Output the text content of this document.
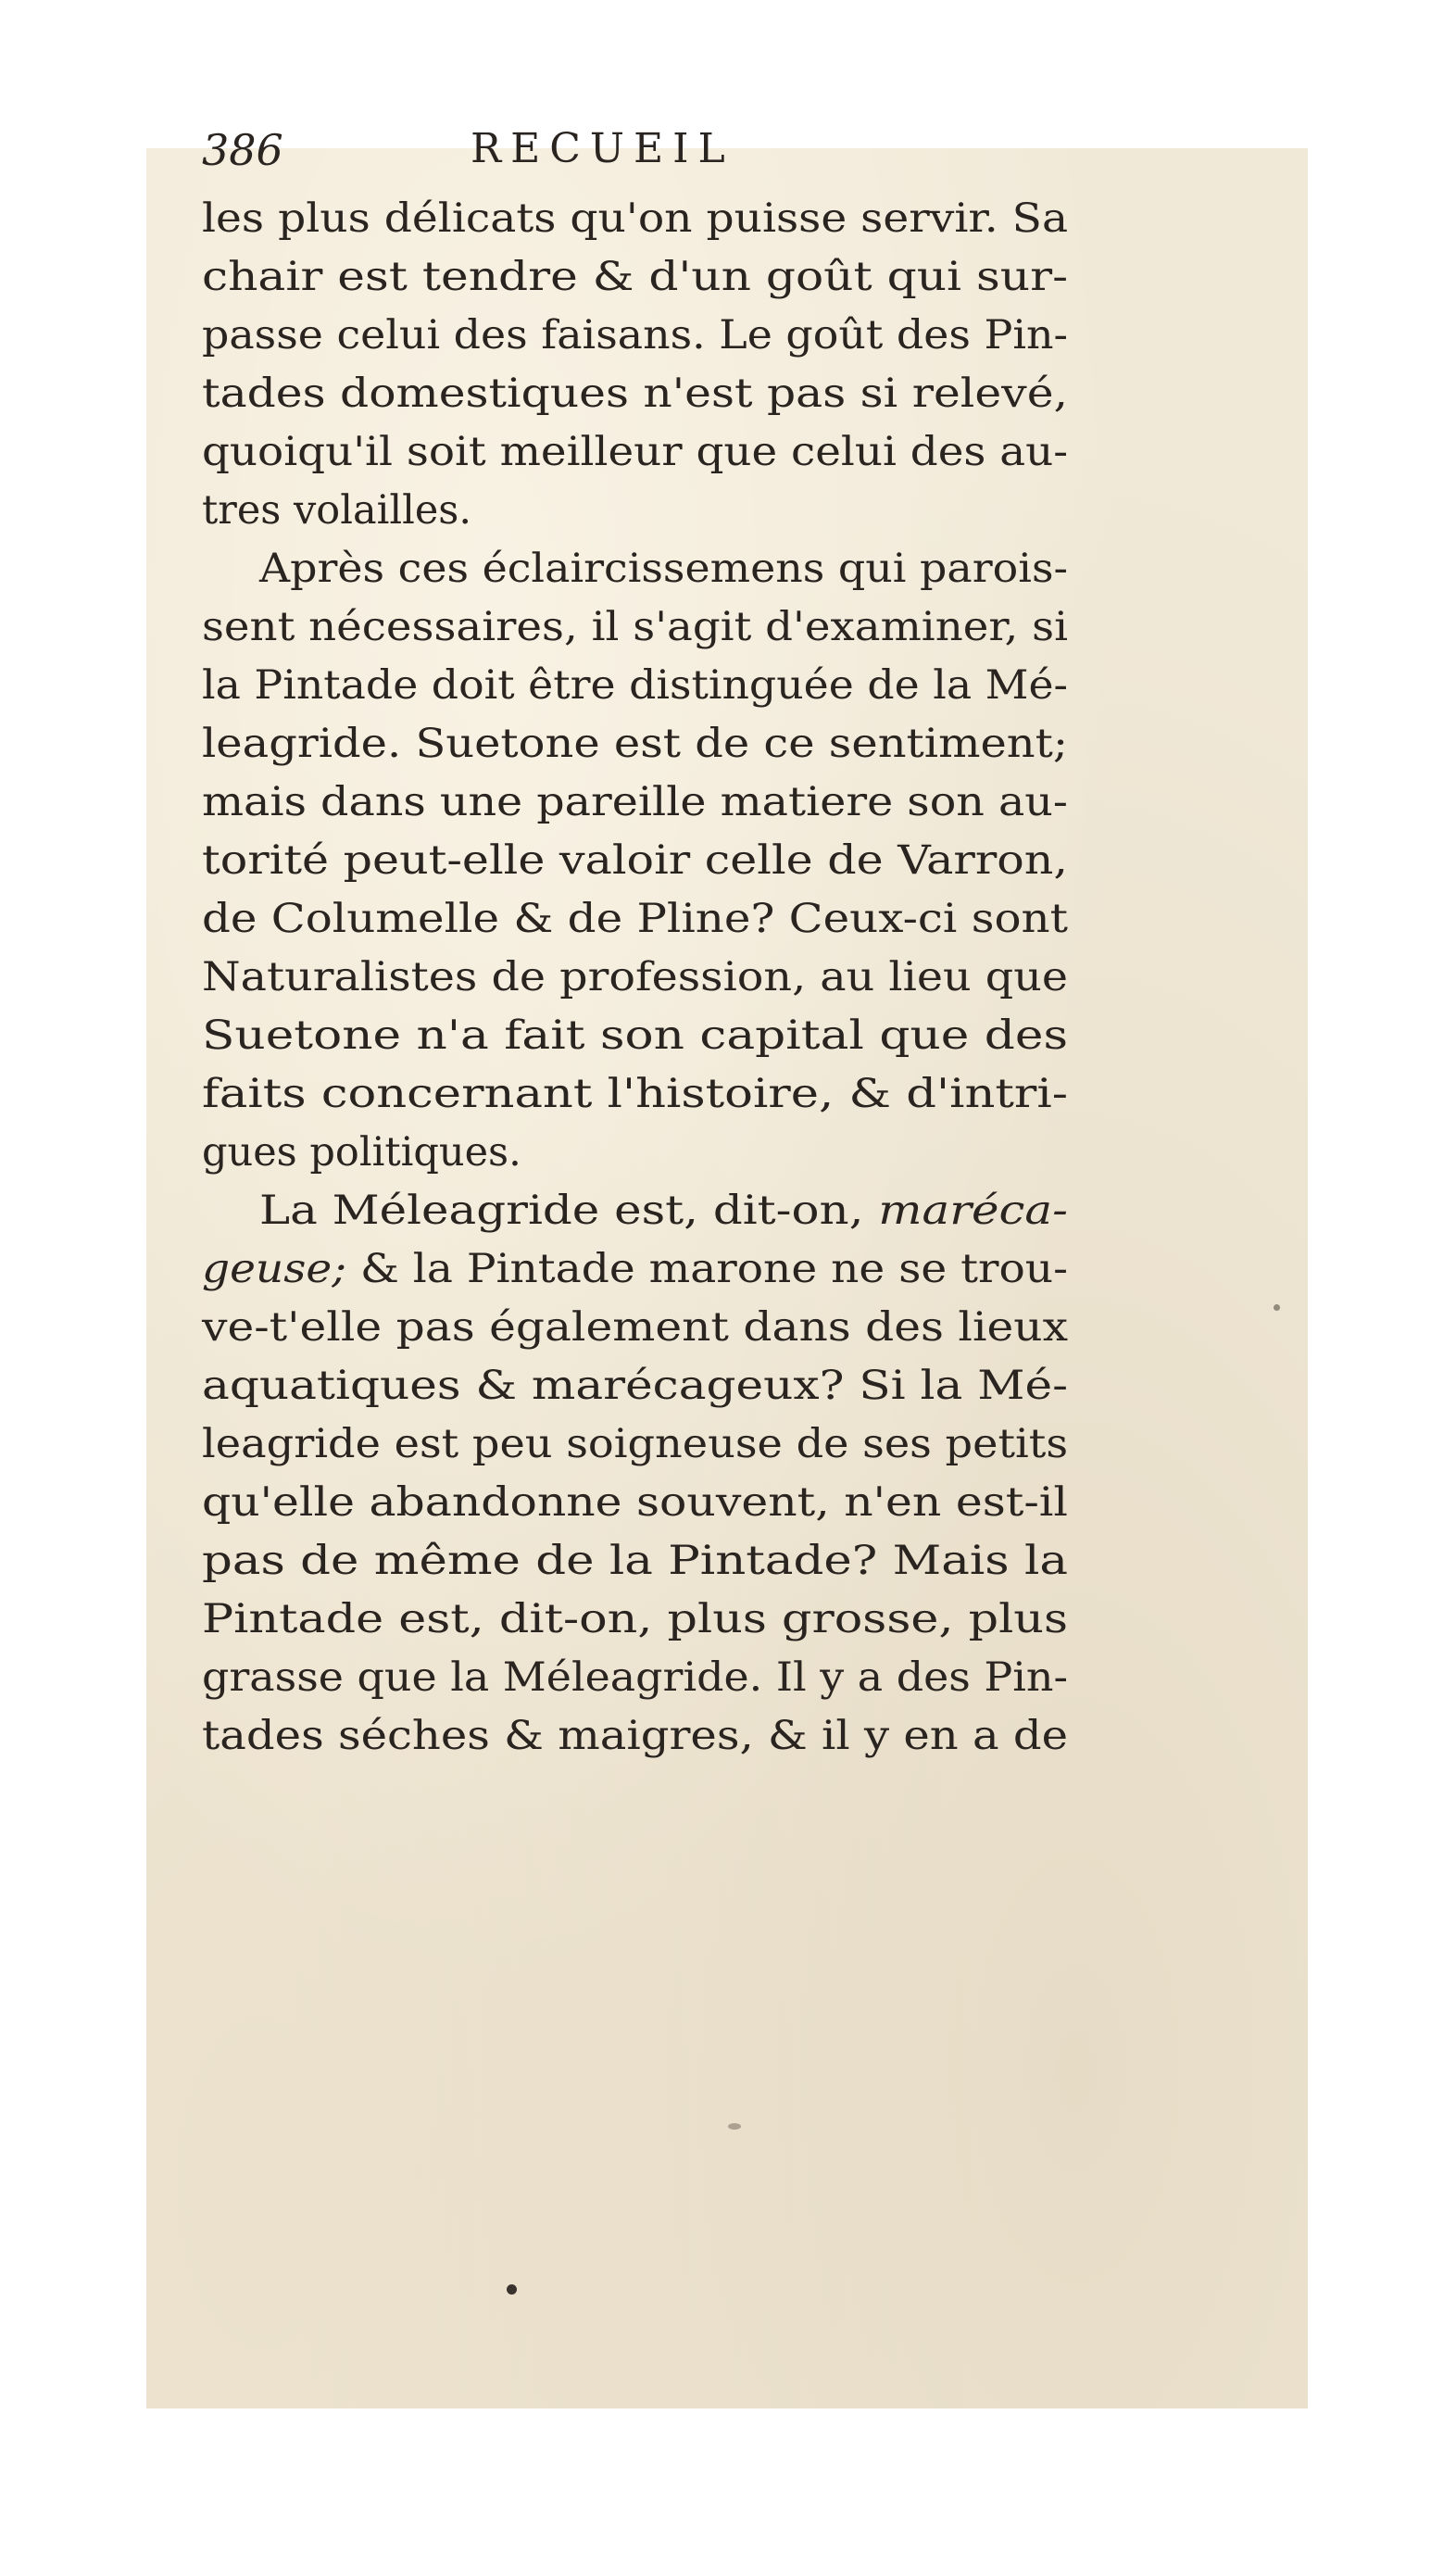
386	RECUEIL
les plus délicats qu'on puisse servir. Sa
chair est tendre & d'un goût qui sur-
passe celui des faisans. Le goût des Pin-
tades domestiques n'est pas si relevé,
quoiqu'il soit meilleur que celui des au-
tres volailles.
Après ces éclaircissemens qui parois-
sent nécessaires, il s'agit d'examiner, si
la Pintade doit être distinguée de la Mé-
leagride. Suetone est de ce sentiment;
mais dans une pareille matiere son au-
torité peut-elle valoir celle de Varron,
de Columelle & de Pline? Ceux-ci sont
Naturalistes de profession, au lieu que
Suetone n'a fait son capital que des
faits concernant l'histoire, & d'intri-
gues politiques.
La Méleagride est, dit-on, maréca-
geuse; & la Pintade marone ne se trou-
ve-t'elle pas également dans des lieux
aquatiques & marécageux? Si la Mé-
leagride est peu soigneuse de ses petits
qu'elle abandonne souvent, n'en est-il
pas de même de la Pintade? Mais la
Pintade est, dit-on, plus grosse, plus
grasse que la Méleagride. Il y a des Pin-
tades séches & maigres, & il y en a de
